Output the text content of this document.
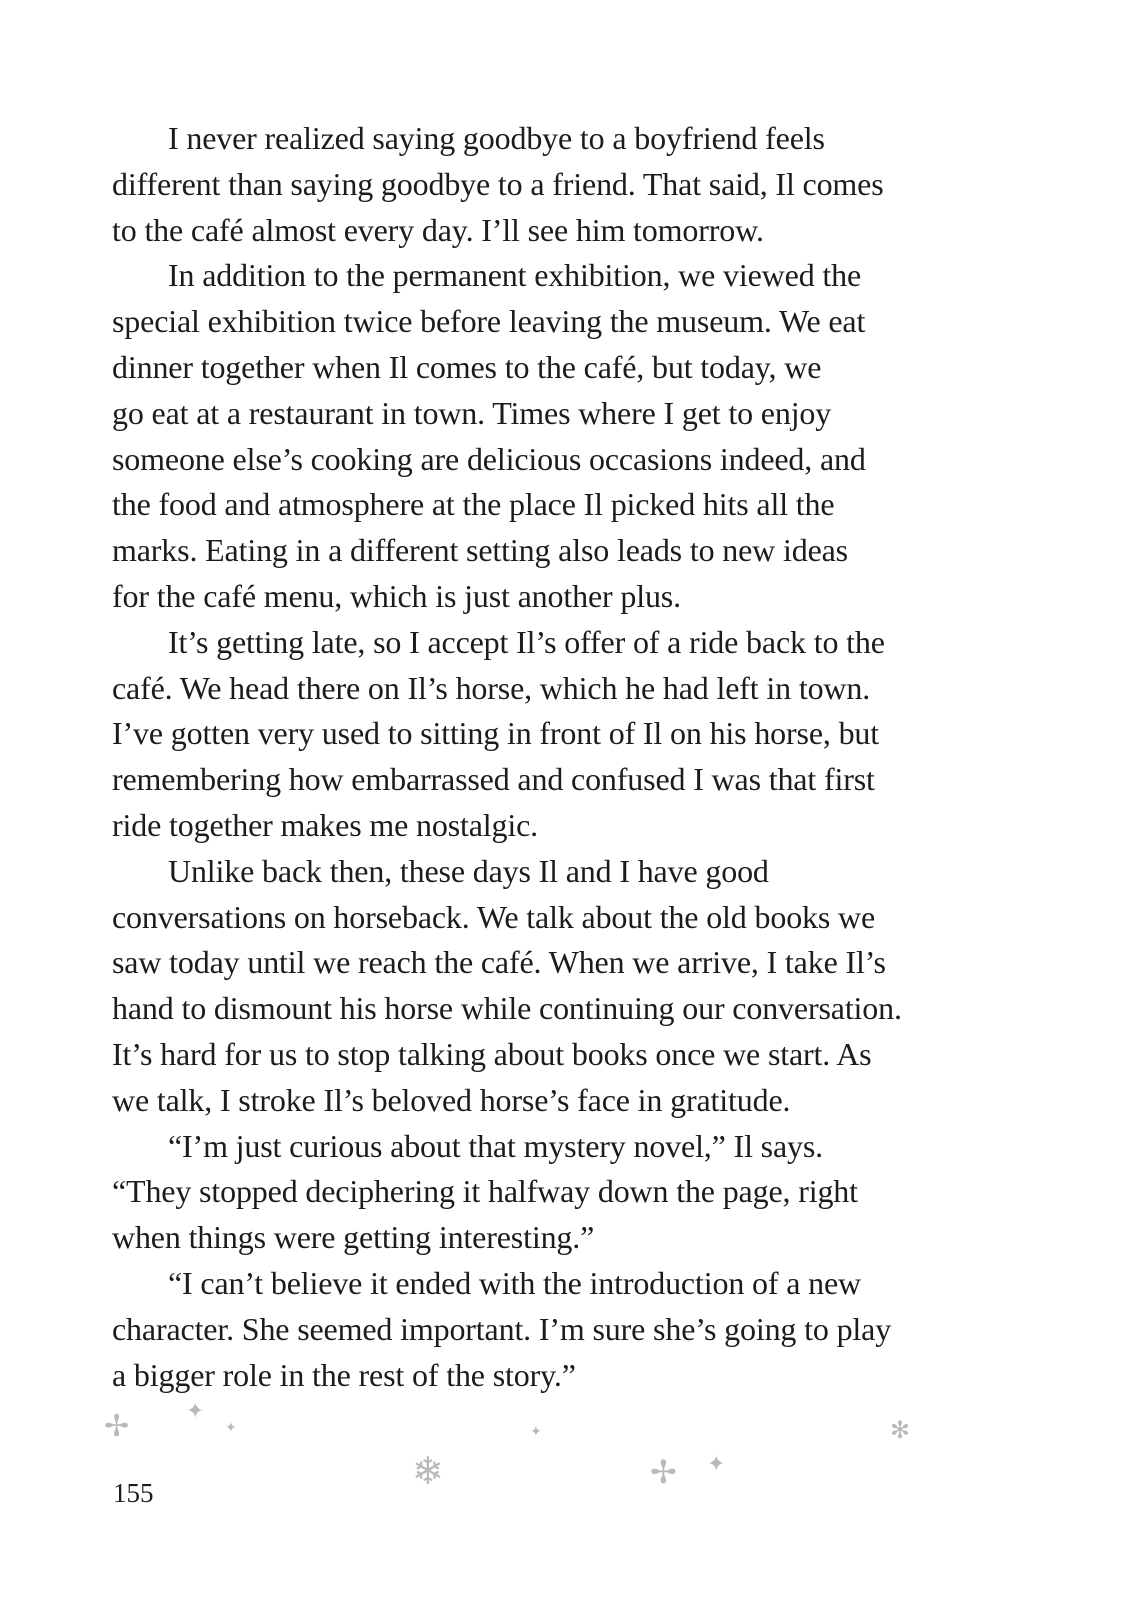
I never realized saying goodbye to a boyfriend feels
different than saying goodbye to a friend. That said, Il comes
to the café almost every day. I’ll see him tomorrow.
In addition to the permanent exhibition, we viewed the
special exhibition twice before leaving the museum. We eat
dinner together when Il comes to the café, but today, we
go eat at a restaurant in town. Times where I get to enjoy
someone else’s cooking are delicious occasions indeed, and
the food and atmosphere at the place Il picked hits all the
marks. Eating in a different setting also leads to new ideas
for the café menu, which is just another plus.
It’s getting late, so I accept Il’s offer of a ride back to the
café. We head there on Il’s horse, which he had left in town.
I’ve gotten very used to sitting in front of Il on his horse, but
remembering how embarrassed and confused I was that first
ride together makes me nostalgic.
Unlike back then, these days Il and I have good
conversations on horseback. We talk about the old books we
saw today until we reach the café. When we arrive, I take Il’s
hand to dismount his horse while continuing our conversation.
It’s hard for us to stop talking about books once we start. As
we talk, I stroke Il’s beloved horse’s face in gratitude.
“I’m just curious about that mystery novel,” Il says.
“They stopped deciphering it halfway down the page, right
when things were getting interesting.”
“I can’t believe it ended with the introduction of a new
character. She seemed important. I’m sure she’s going to play
a bigger role in the rest of the story.”
✢	✦
✦	✦	✻
❄	✢ ✦
155
